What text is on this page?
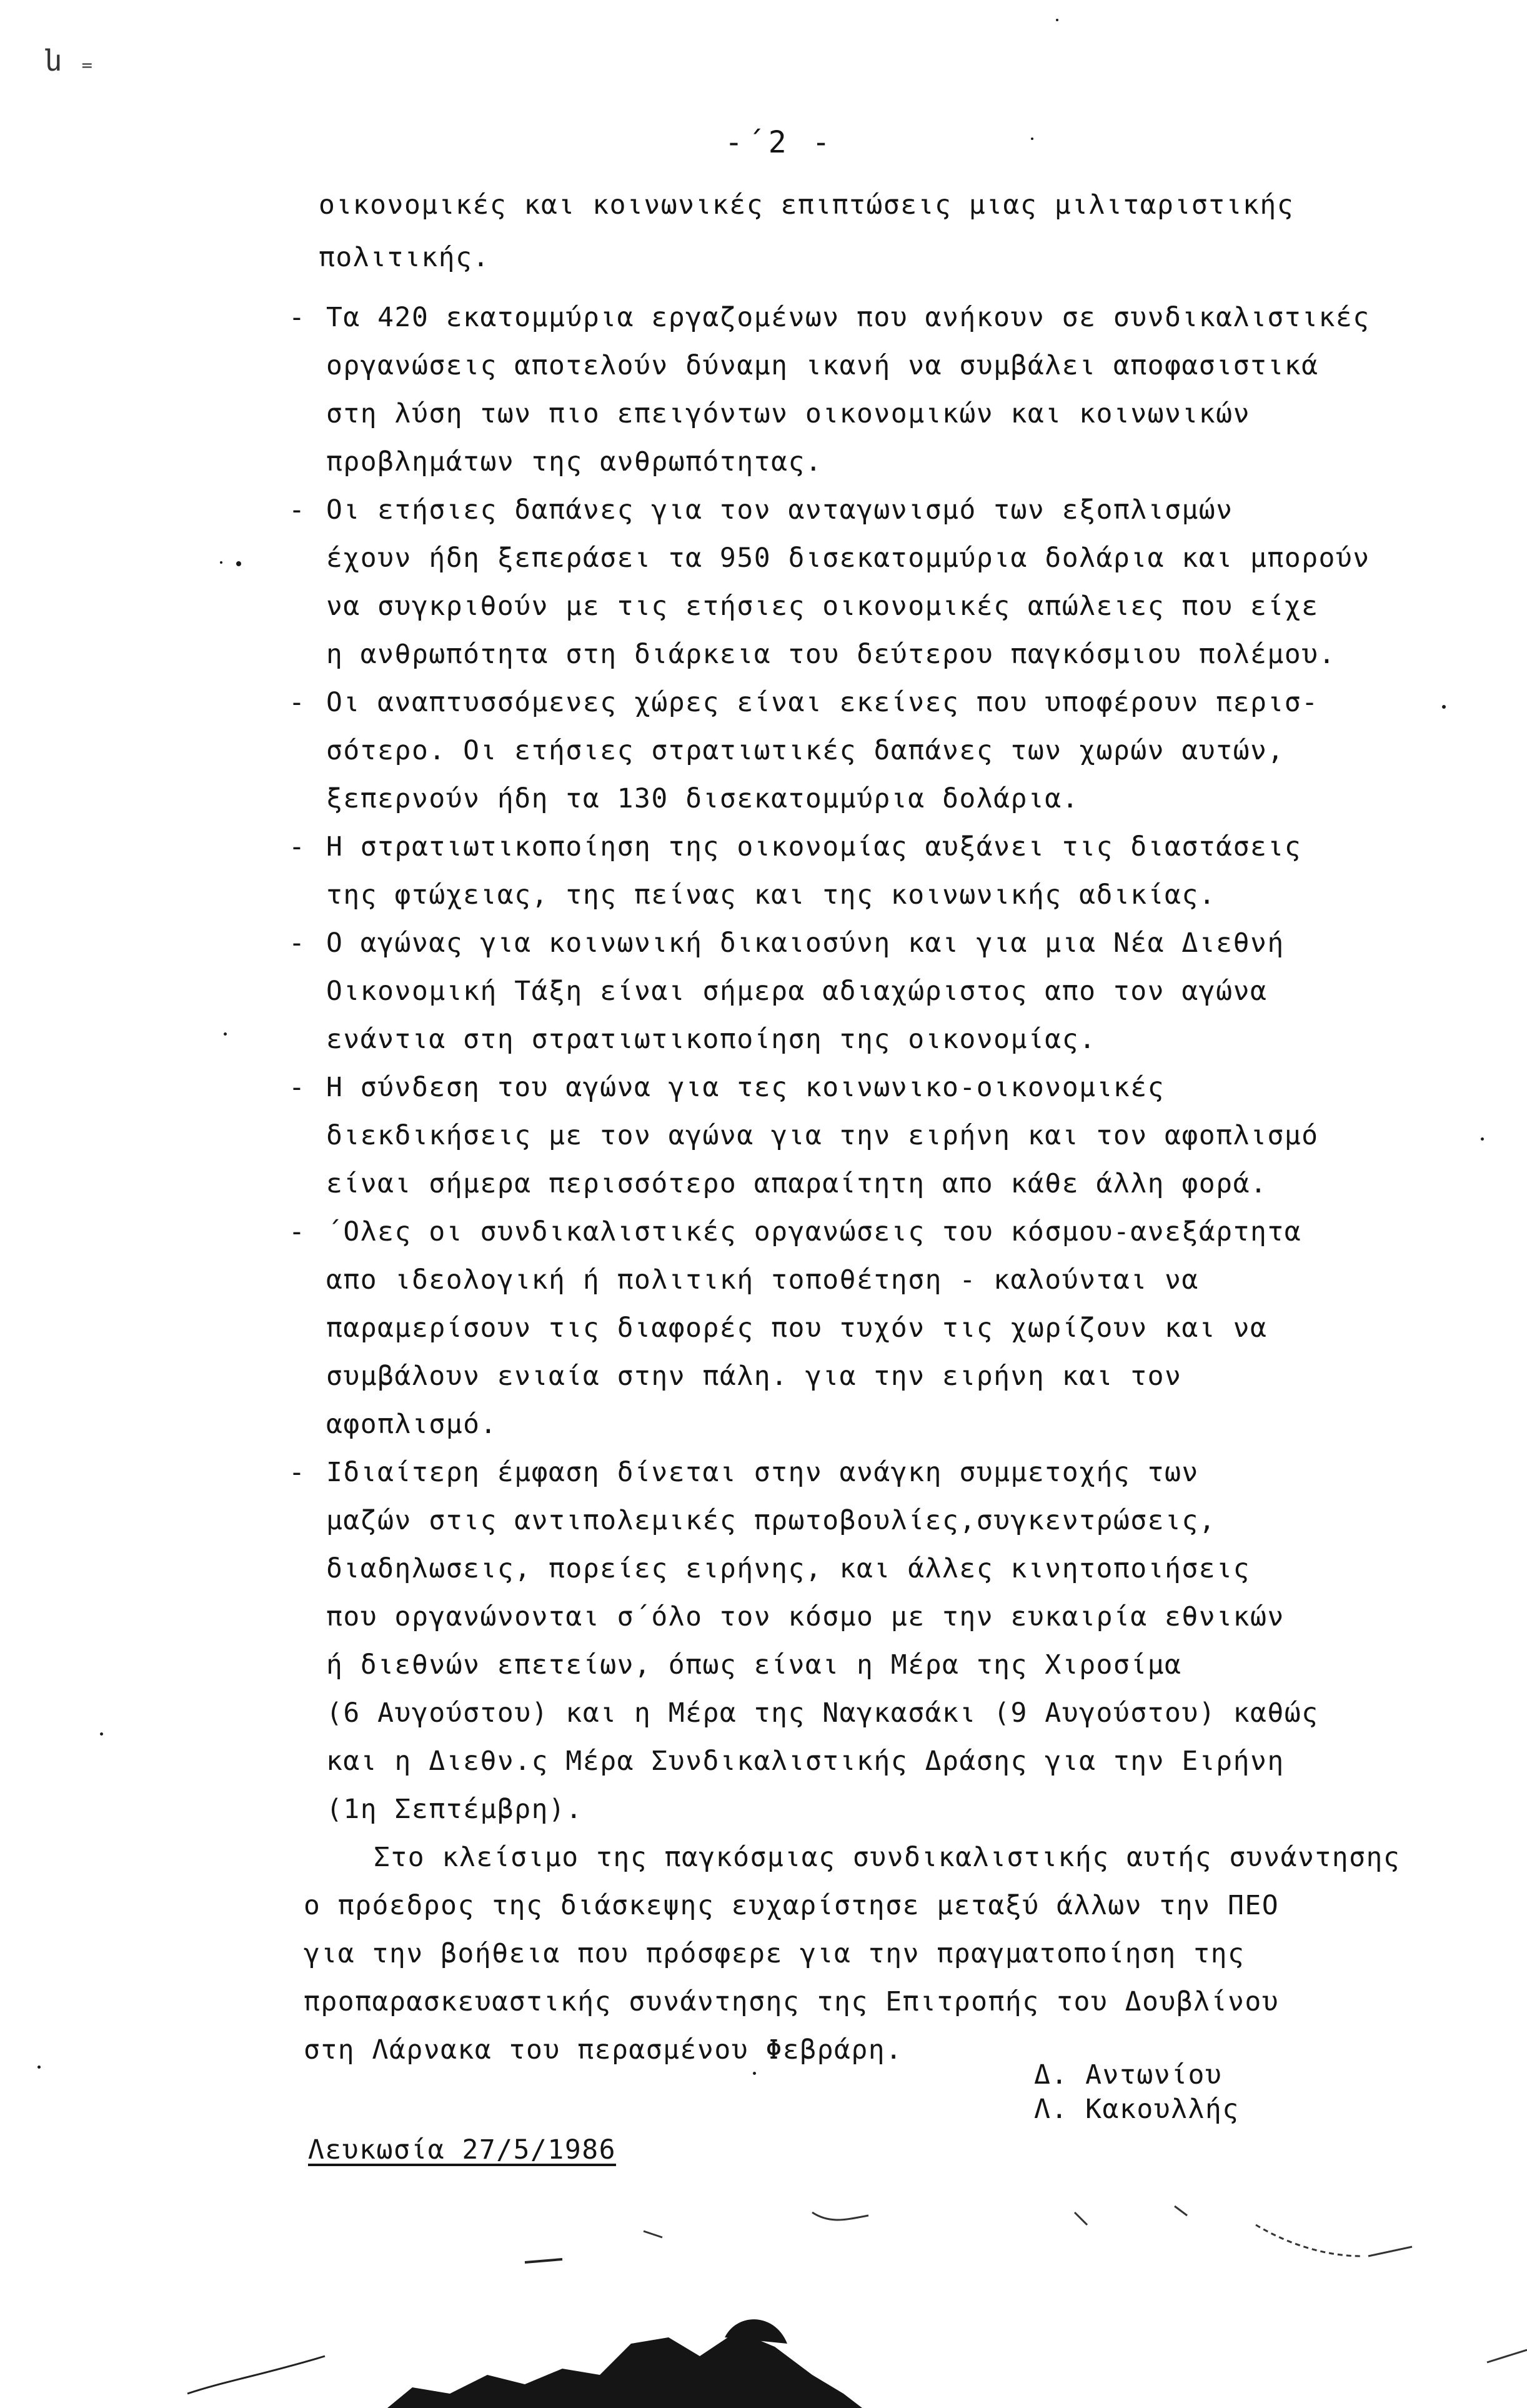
ն ₌
-´2 -
οικονομικές και κοινωνικές επιπτώσεις μιας μιλιταριστικής
πολιτικής.
- Τα 420 εκατομμύρια εργαζομένων που ανήκουν σε συνδικαλιστικές
οργανώσεις αποτελούν δύναμη ικανή να συμβάλει αποφασιστικά
στη λύση των πιο επειγόντων οικονομικών και κοινωνικών
προβλημάτων της ανθρωπότητας.
- Οι ετήσιες δαπάνες για τον ανταγωνισμό των εξοπλισμών
έχουν ήδη ξεπεράσει τα 950 δισεκατομμύρια δολάρια και μπορούν
να συγκριθούν με τις ετήσιες οικονομικές απώλειες που είχε
η ανθρωπότητα στη διάρκεια του δεύτερου παγκόσμιου πολέμου.
- Οι αναπτυσσόμενες χώρες είναι εκείνες που υποφέρουν περισ-
σότερο. Οι ετήσιες στρατιωτικές δαπάνες των χωρών αυτών,
ξεπερνούν ήδη τα 130 δισεκατομμύρια δολάρια.
- Η στρατιωτικοποίηση της οικονομίας αυξάνει τις διαστάσεις
της φτώχειας, της πείνας και της κοινωνικής αδικίας.
- Ο αγώνας για κοινωνική δικαιοσύνη και για μια Νέα Διεθνή
Οικονομική Τάξη είναι σήμερα αδιαχώριστος απο τον αγώνα
ενάντια στη στρατιωτικοποίηση της οικονομίας.
- Η σύνδεση του αγώνα για τες κοινωνικο-οικονομικές
διεκδικήσεις με τον αγώνα για την ειρήνη και τον αφοπλισμό
είναι σήμερα περισσότερο απαραίτητη απο κάθε άλλη φορά.
- ΄Ολες οι συνδικαλιστικές οργανώσεις του κόσμου-ανεξάρτητα
απο ιδεολογική ή πολιτική τοποθέτηση - καλούνται να
παραμερίσουν τις διαφορές που τυχόν τις χωρίζουν και να
συμβάλουν ενιαία στην πάλη. για την ειρήνη και τον
αφοπλισμό.
- Ιδιαίτερη έμφαση δίνεται στην ανάγκη συμμετοχής των
μαζών στις αντιπολεμικές πρωτοβουλίες,συγκεντρώσεις,
διαδηλωσεις, πορείες ειρήνης, και άλλες κινητοποιήσεις
που οργανώνονται σ΄όλο τον κόσμο με την ευκαιρία εθνικών
ή διεθνών επετείων, όπως είναι η Μέρα της Χιροσίμα
(6 Αυγούστου) και η Μέρα της Ναγκασάκι (9 Αυγούστου) καθώς
και η Διεθν.ς Μέρα Συνδικαλιστικής Δράσης για την Ειρήνη
(1η Σεπτέμβρη).
Στο κλείσιμο της παγκόσμιας συνδικαλιστικής αυτής συνάντησης
ο πρόεδρος της διάσκεψης ευχαρίστησε μεταξύ άλλων την ΠΕΟ
για την βοήθεια που πρόσφερε για την πραγματοποίηση της
προπαρασκευαστικής συνάντησης της Επιτροπής του Δουβλίνου
στη Λάρνακα του περασμένου Φεβράρη.
Δ. Αντωνίου
Λ. Κακουλλής
Λευκωσία 27/5/1986
